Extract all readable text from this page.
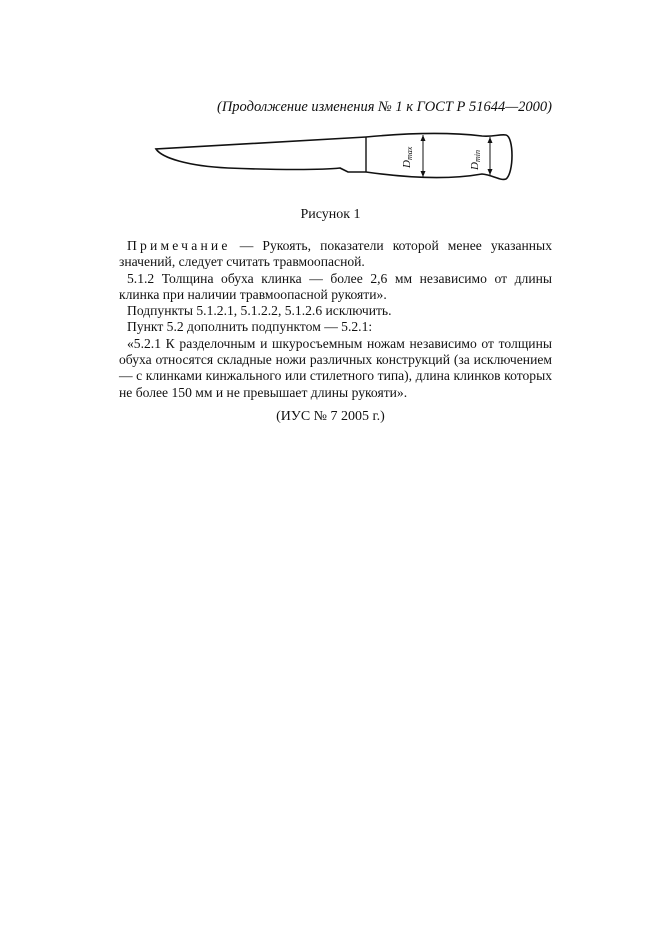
(Продолжение изменения № 1 к ГОСТ Р 51644—2000)
Dmax
Dmin
Рисунок 1

Примечание — Рукоять, показатели которой менее указанных значений, следует считать травмоопасной.

5.1.2 Толщина обуха клинка — более 2,6 мм независимо от длины клинка при наличии травмоопасной рукояти».

Подпункты 5.1.2.1, 5.1.2.2, 5.1.2.6 исключить.

Пункт 5.2 дополнить подпунктом — 5.2.1:

«5.2.1 К разделочным и шкуросъемным ножам независимо от толщины обуха относятся складные ножи различных конструкций (за исключением — с клинками кинжального или стилетного типа), длина клинков которых не более 150 мм и не превышает длины рукояти».

(ИУС № 7 2005 г.)
